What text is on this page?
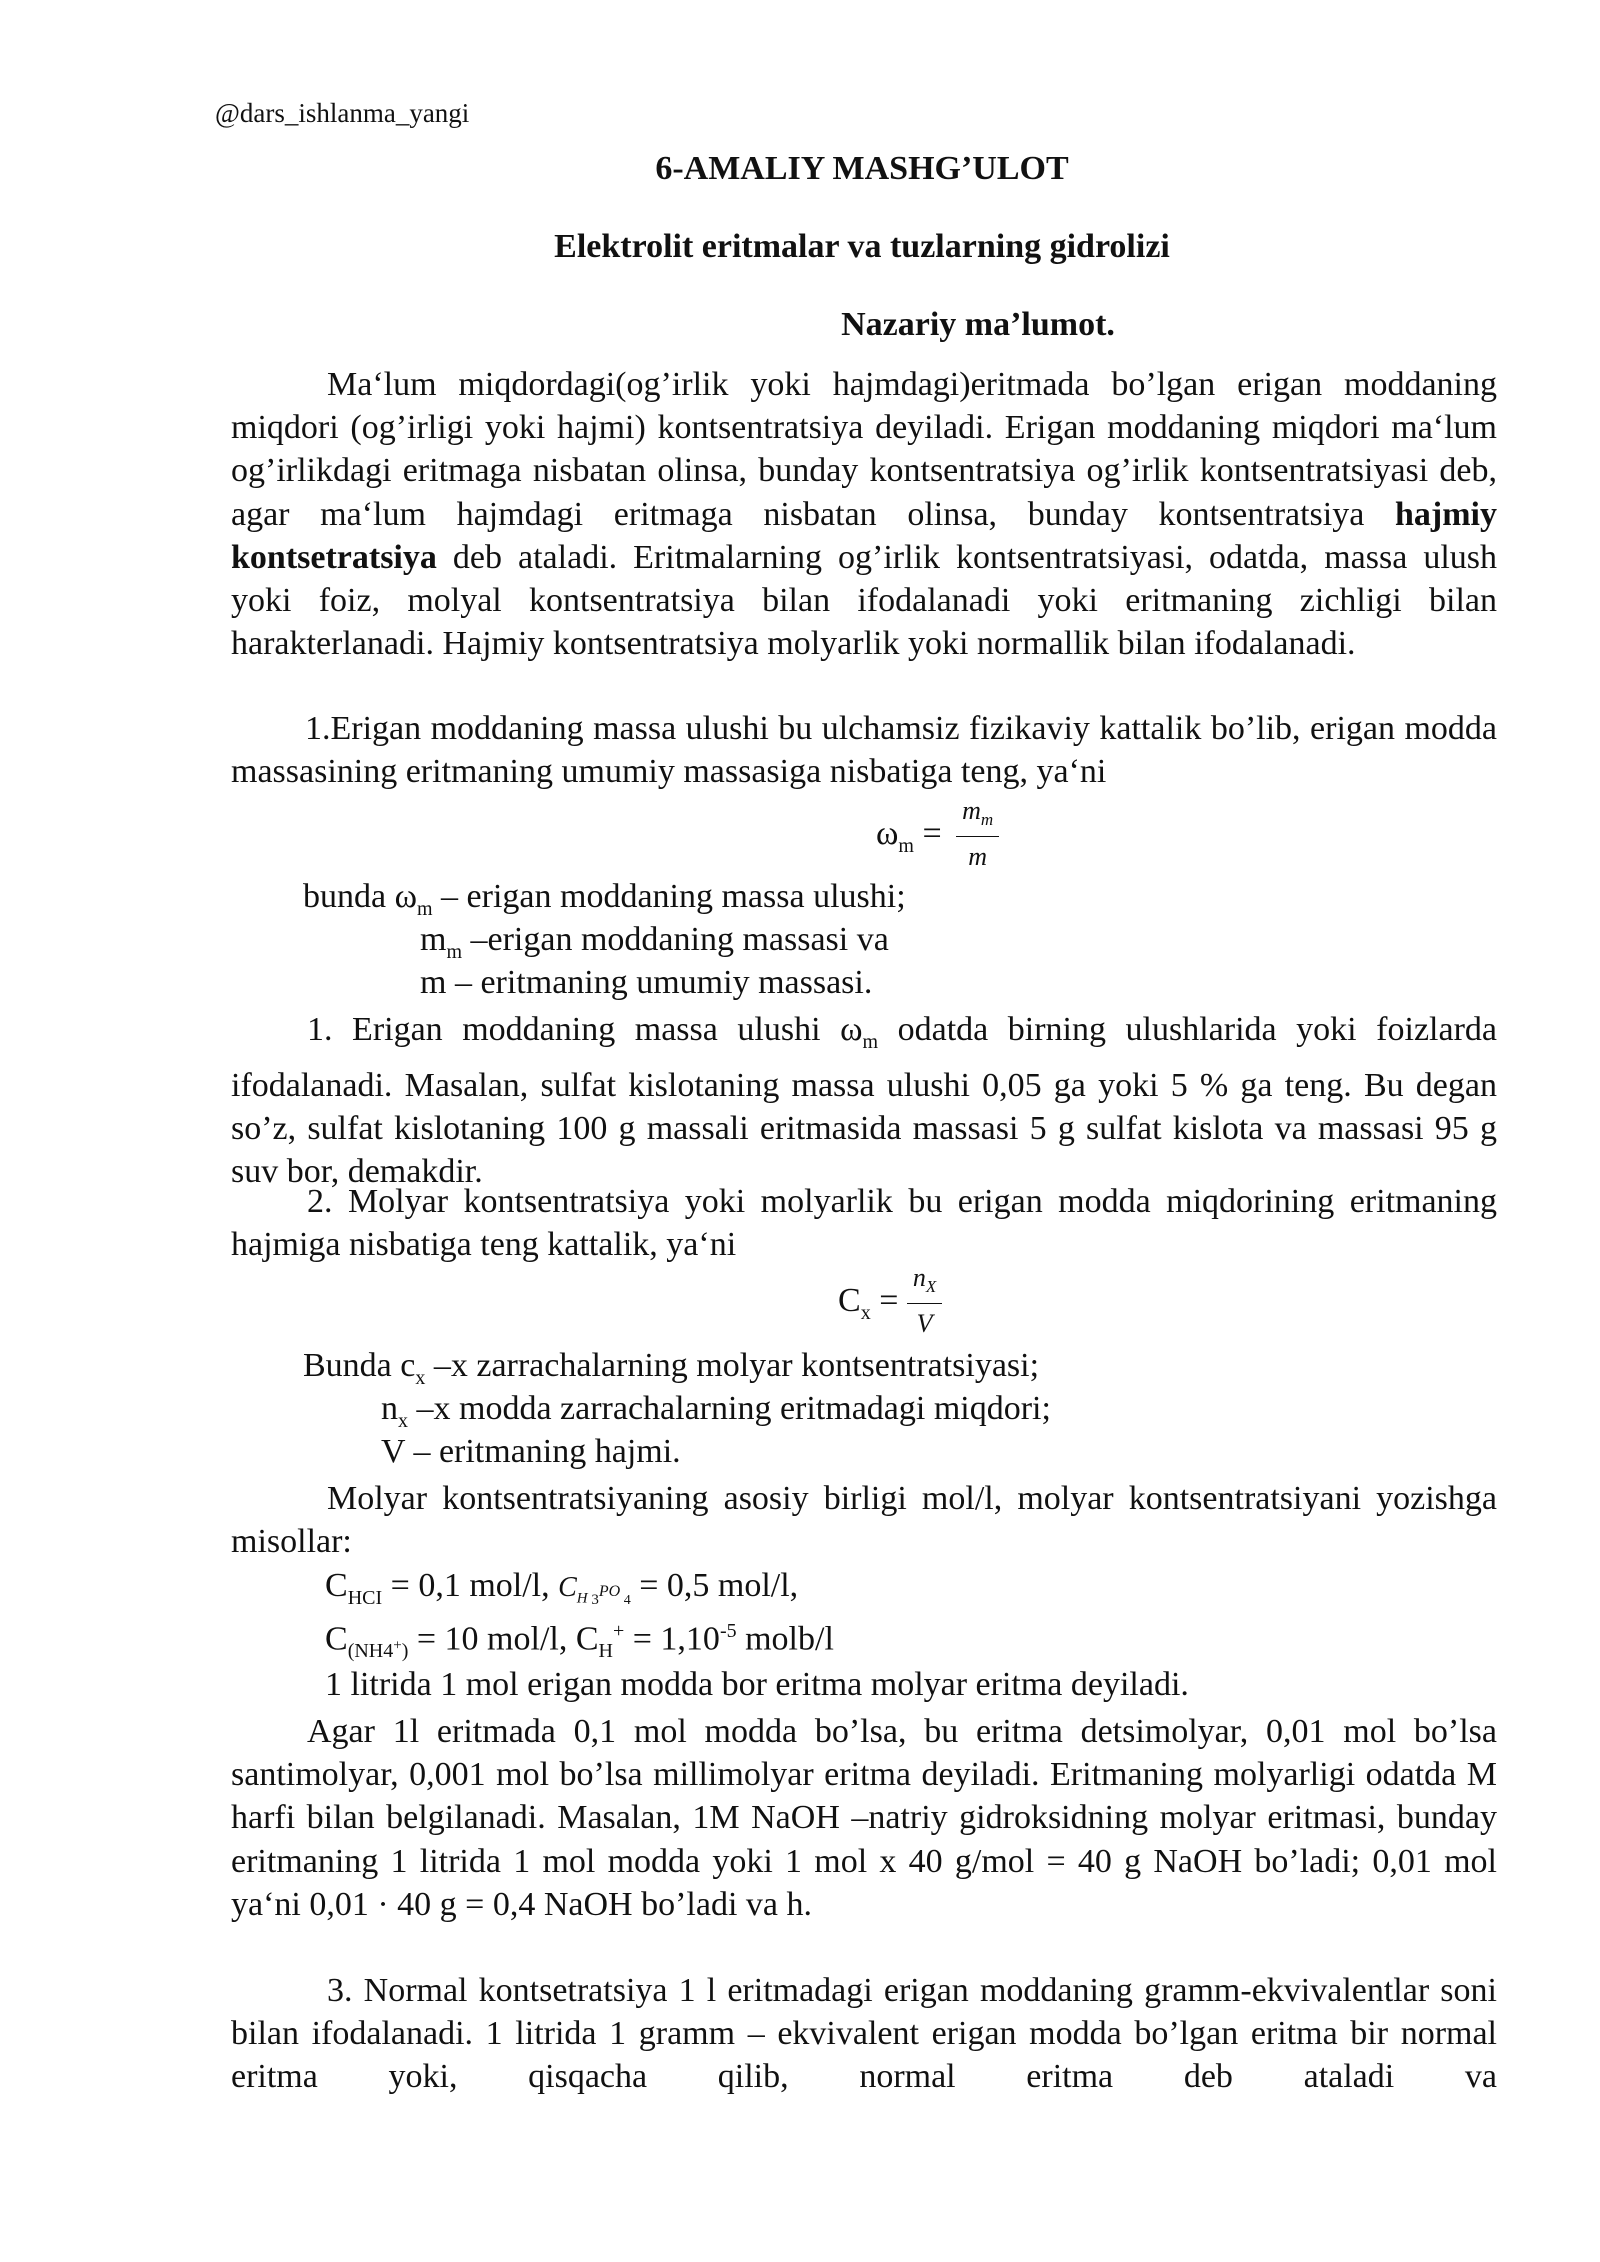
@dars_ishlanma_yangi
6-AMALIY MASHG’ULOT
Elektrolit eritmalar va tuzlarning gidrolizi
Nazariy ma’lumot.

Ma‘lum miqdordagi(og’irlik yoki hajmdagi)eritmada bo’lgan erigan moddaning miqdori (og’irligi yoki hajmi) kontsentratsiya deyiladi. Erigan moddaning miqdori ma‘lum og’irlikdagi eritmaga nisbatan olinsa, bunday kontsentratsiya og’irlik kontsentratsiyasi deb, agar ma‘lum hajmdagi eritmaga nisbatan olinsa, bunday kontsentratsiya hajmiy kontsetratsiya deb ataladi. Eritmalarning og’irlik kontsentratsiyasi, odatda, massa ulush yoki foiz, molyal kontsentratsiya bilan ifodalanadi yoki eritmaning zichligi bilan harakterlanadi. Hajmiy kontsentratsiya molyarlik yoki normallik bilan ifodalanadi.

1.Erigan moddaning massa ulushi bu ulchamsiz fizikaviy kattalik bo’lib, erigan modda massasining eritmaning umumiy massasiga nisbatiga teng, ya‘ni

$\omega_m = \frac{m_m}{m}$
bunda $\omega_m$ – erigan moddaning massa ulushi;
$m_m$ –erigan moddaning massasi va
m – eritmaning umumiy massasi.

1. Erigan moddaning massa ulushi $\omega_m$ odatda birning ulushlarida yoki foizlarda ifodalanadi. Masalan, sulfat kislotaning massa ulushi 0,05 ga yoki 5 % ga teng. Bu degan so’z, sulfat kislotaning 100 g massali eritmasida massasi 5 g sulfat kislota va massasi 95 g suv bor, demakdir.

2. Molyar kontsentratsiya yoki molyarlik bu erigan modda miqdorining eritmaning hajmiga nisbatiga teng kattalik, ya‘ni

$C_x = \frac{n_X}{V}$
Bunda $c_x$ –x zarrachalarning molyar kontsentratsiyasi;
$n_x$ –x modda zarrachalarning eritmadagi miqdori;
V – eritmaning hajmi.

Molyar kontsentratsiyaning asosiy birligi mol/l, molyar kontsentratsiyani yozishga misollar:

$C_{HCI} = 0,1$ mol/l, $C_H$ $_3$PO $_4$ = 0,5 mol/l,
$C_{(NH4^+)} = 10$ mol/l, $C_H^+ = 1,10^{-5}$ molb/l
1 litrida 1 mol erigan modda bor eritma molyar eritma deyiladi.

Agar 1l eritmada 0,1 mol modda bo’lsa, bu eritma detsimolyar, 0,01 mol bo’lsa santimolyar, 0,001 mol bo’lsa millimolyar eritma deyiladi. Eritmaning molyarligi odatda M harfi bilan belgilanadi. Masalan, 1M NaOH –natriy gidroksidning molyar eritmasi, bunday eritmaning 1 litrida 1 mol modda yoki 1 mol x 40 g/mol = 40 g NaOH bo’ladi; 0,01 mol ya‘ni 0,01 · 40 g = 0,4 NaOH bo’ladi va h.

3. Normal kontsetratsiya 1 l eritmadagi erigan moddaning gramm-ekvivalentlar soni bilan ifodalanadi. 1 litrida 1 gramm – ekvivalent erigan modda bo’lgan eritma bir normal eritma yoki, qisqacha qilib, normal eritma deb ataladi va
